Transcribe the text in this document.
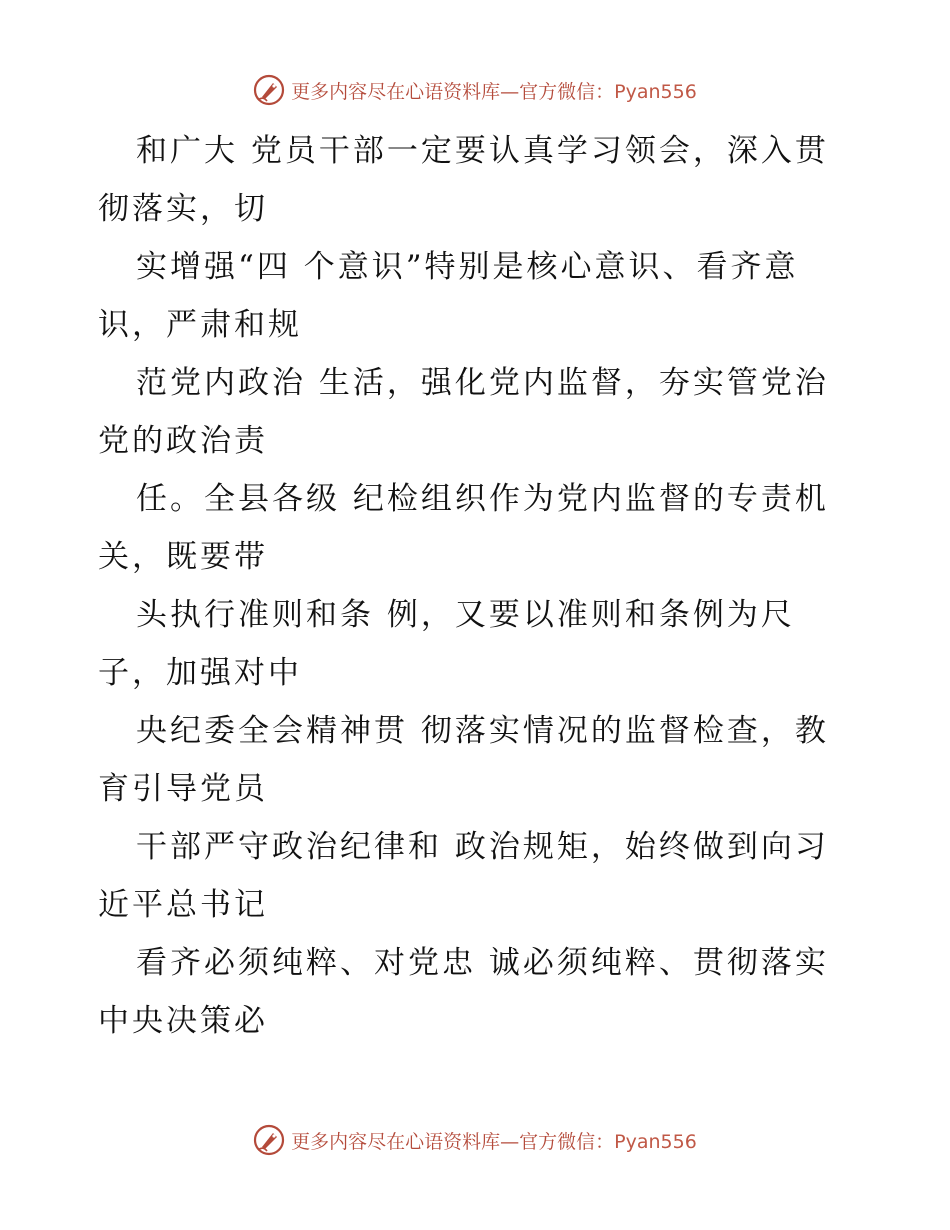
更多内容尽在心语资料库—官方微信：Pyan556

和广大 党员干部一定要认真学习领会，深入贯彻落实，切

实增强“四 个意识”特别是核心意识、看齐意识，严肃和规

范党内政治 生活，强化党内监督，夯实管党治党的政治责

任。全县各级 纪检组织作为党内监督的专责机关，既要带

头执行准则和条 例，又要以准则和条例为尺子，加强对中

央纪委全会精神贯 彻落实情况的监督检查，教育引导党员

干部严守政治纪律和 政治规矩，始终做到向习近平总书记

看齐必须纯粹、对党忠 诚必须纯粹、贯彻落实中央决策必

更多内容尽在心语资料库—官方微信：Pyan556
